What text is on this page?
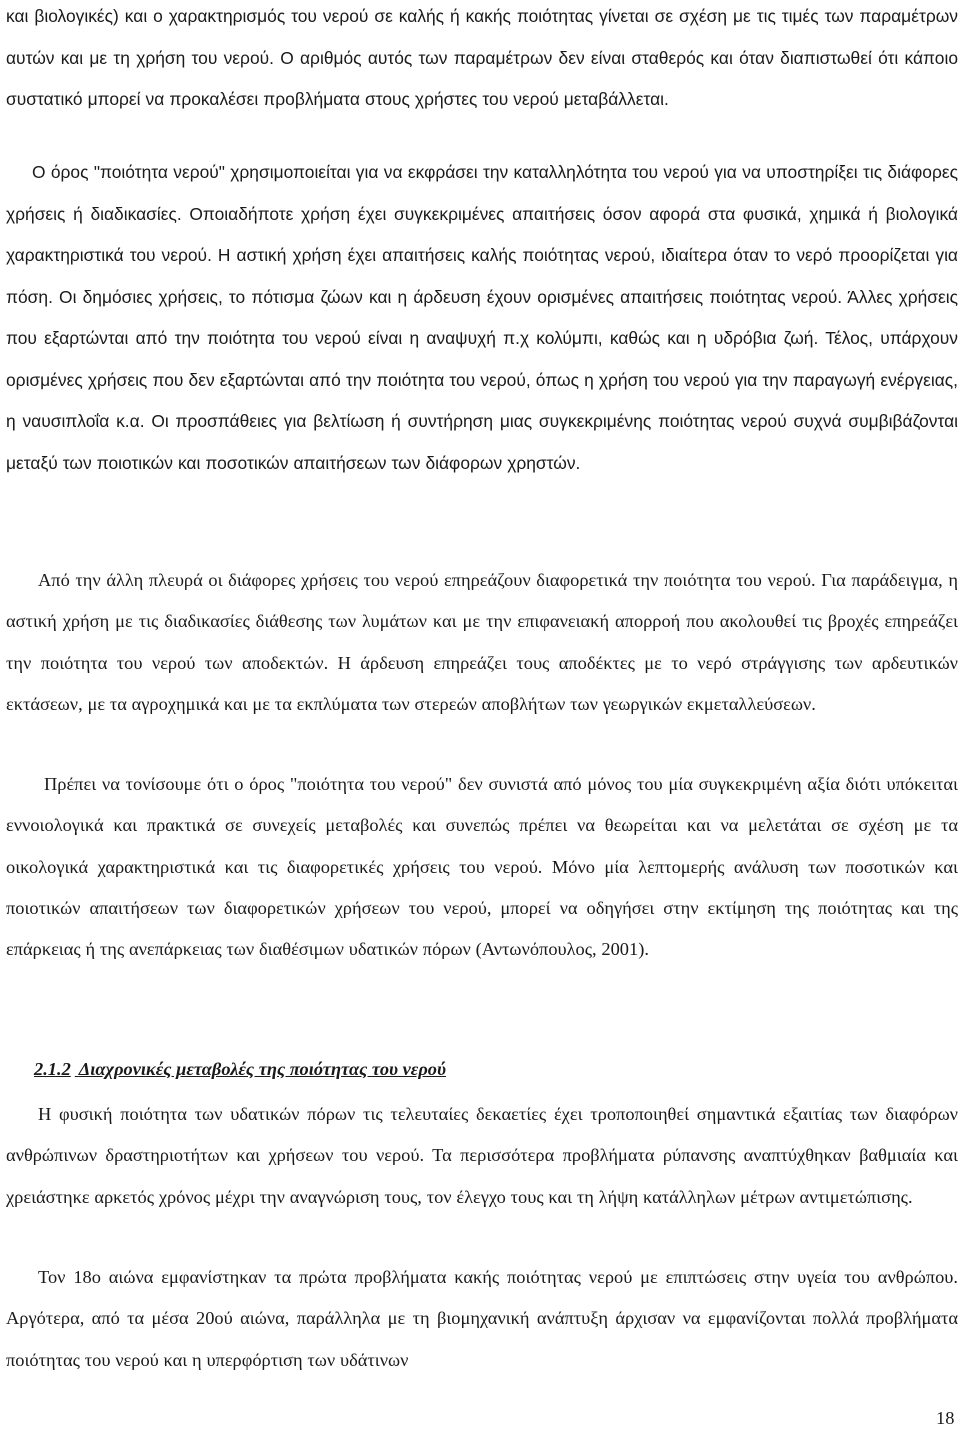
και βιολογικές) και ο χαρακτηρισμός του νερού σε καλής ή κακής ποιότητας γίνεται σε σχέση με τις τιμές των παραμέτρων αυτών και με τη χρήση του νερού. Ο αριθμός αυτός των παραμέτρων δεν είναι σταθερός και όταν διαπιστωθεί ότι κάποιο συστατικό μπορεί να προκαλέσει προβλήματα στους χρήστες του νερού μεταβάλλεται.

Ο όρος "ποιότητα νερού" χρησιμοποιείται για να εκφράσει την καταλληλότητα του νερού για να υποστηρίξει τις διάφορες χρήσεις ή διαδικασίες. Οποιαδήποτε χρήση έχει συγκεκριμένες απαιτήσεις όσον αφορά στα φυσικά, χημικά ή βιολογικά χαρακτηριστικά του νερού. Η αστική χρήση έχει απαιτήσεις καλής ποιότητας νερού, ιδιαίτερα όταν το νερό προορίζεται για πόση. Οι δημόσιες χρήσεις, το πότισμα ζώων και η άρδευση έχουν ορισμένες απαιτήσεις ποιότητας νερού. Άλλες χρήσεις που εξαρτώνται από την ποιότητα του νερού είναι η αναψυχή π.χ κολύμπι, καθώς και η υδρόβια ζωή. Τέλος, υπάρχουν ορισμένες χρήσεις που δεν εξαρτώνται από την ποιότητα του νερού, όπως η χρήση του νερού για την παραγωγή ενέργειας, η ναυσιπλοΐα κ.α. Οι προσπάθειες για βελτίωση ή συντήρηση μιας συγκεκριμένης ποιότητας νερού συχνά συμβιβάζονται μεταξύ των ποιοτικών και ποσοτικών απαιτήσεων των διάφορων χρηστών.

Από την άλλη πλευρά οι διάφορες χρήσεις του νερού επηρεάζουν διαφορετικά την ποιότητα του νερού. Για παράδειγμα, η αστική χρήση με τις διαδικασίες διάθεσης των λυμάτων και με την επιφανειακή απορροή που ακολουθεί τις βροχές επηρεάζει την ποιότητα του νερού των αποδεκτών. Η άρδευση επηρεάζει τους αποδέκτες με το νερό στράγγισης των αρδευτικών εκτάσεων, με τα αγροχημικά και με τα εκπλύματα των στερεών αποβλήτων των γεωργικών εκμεταλλεύσεων.

Πρέπει να τονίσουμε ότι ο όρος "ποιότητα του νερού" δεν συνιστά από μόνος του μία συγκεκριμένη αξία διότι υπόκειται εννοιολογικά και πρακτικά σε συνεχείς μεταβολές και συνεπώς πρέπει να θεωρείται και να μελετάται σε σχέση με τα οικολογικά χαρακτηριστικά και τις διαφορετικές χρήσεις του νερού. Μόνο μία λεπτομερής ανάλυση των ποσοτικών και ποιοτικών απαιτήσεων των διαφορετικών χρήσεων του νερού, μπορεί να οδηγήσει στην εκτίμηση της ποιότητας και της επάρκειας ή της ανεπάρκειας των διαθέσιμων υδατικών πόρων (Αντωνόπουλος, 2001).

2.1.2 Διαχρονικές μεταβολές της ποιότητας του νερού

Η φυσική ποιότητα των υδατικών πόρων τις τελευταίες δεκαετίες έχει τροποποιηθεί σημαντικά εξαιτίας των διαφόρων ανθρώπινων δραστηριοτήτων και χρήσεων του νερού. Τα περισσότερα προβλήματα ρύπανσης αναπτύχθηκαν βαθμιαία και χρειάστηκε αρκετός χρόνος μέχρι την αναγνώριση τους, τον έλεγχο τους και τη λήψη κατάλληλων μέτρων αντιμετώπισης.

Τον 18ο αιώνα εμφανίστηκαν τα πρώτα προβλήματα κακής ποιότητας νερού με επιπτώσεις στην υγεία του ανθρώπου. Αργότερα, από τα μέσα 20ού αιώνα, παράλληλα με τη βιομηχανική ανάπτυξη άρχισαν να εμφανίζονται πολλά προβλήματα ποιότητας του νερού και η υπερφόρτιση των υδάτινων

18
